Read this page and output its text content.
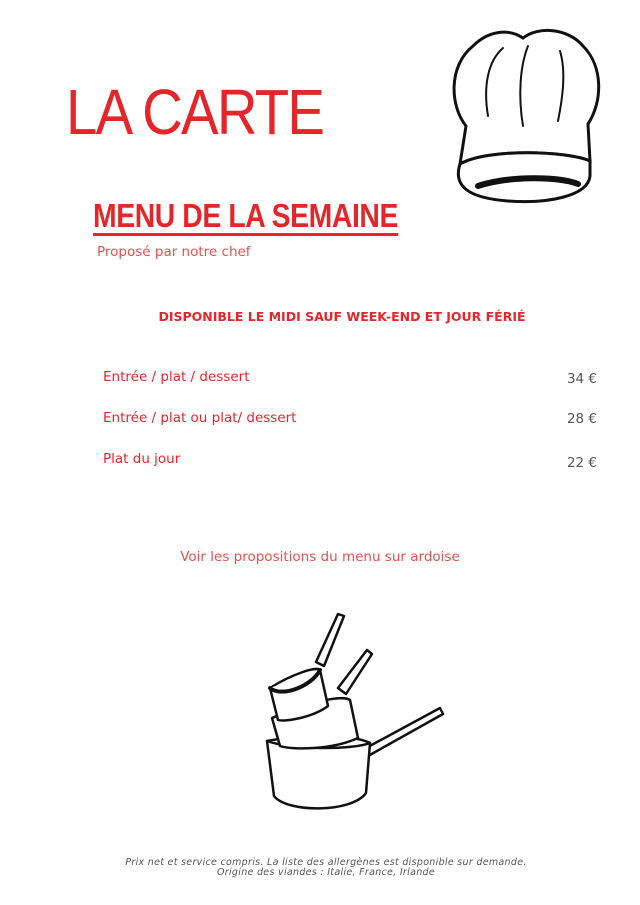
LA CARTE
MENU DE LA SEMAINE
Proposé par notre chef
DISPONIBLE LE MIDI SAUF WEEK-END ET JOUR FÉRIÉ
Entrée / plat / dessert	34 €
Entrée / plat ou plat/ dessert	28 €
Plat du jour	22 €
Voir les propositions du menu sur ardoise
Prix net et service compris. La liste des allergènes est disponible sur demande.
Origine des viandes : Italie, France, Irlande
